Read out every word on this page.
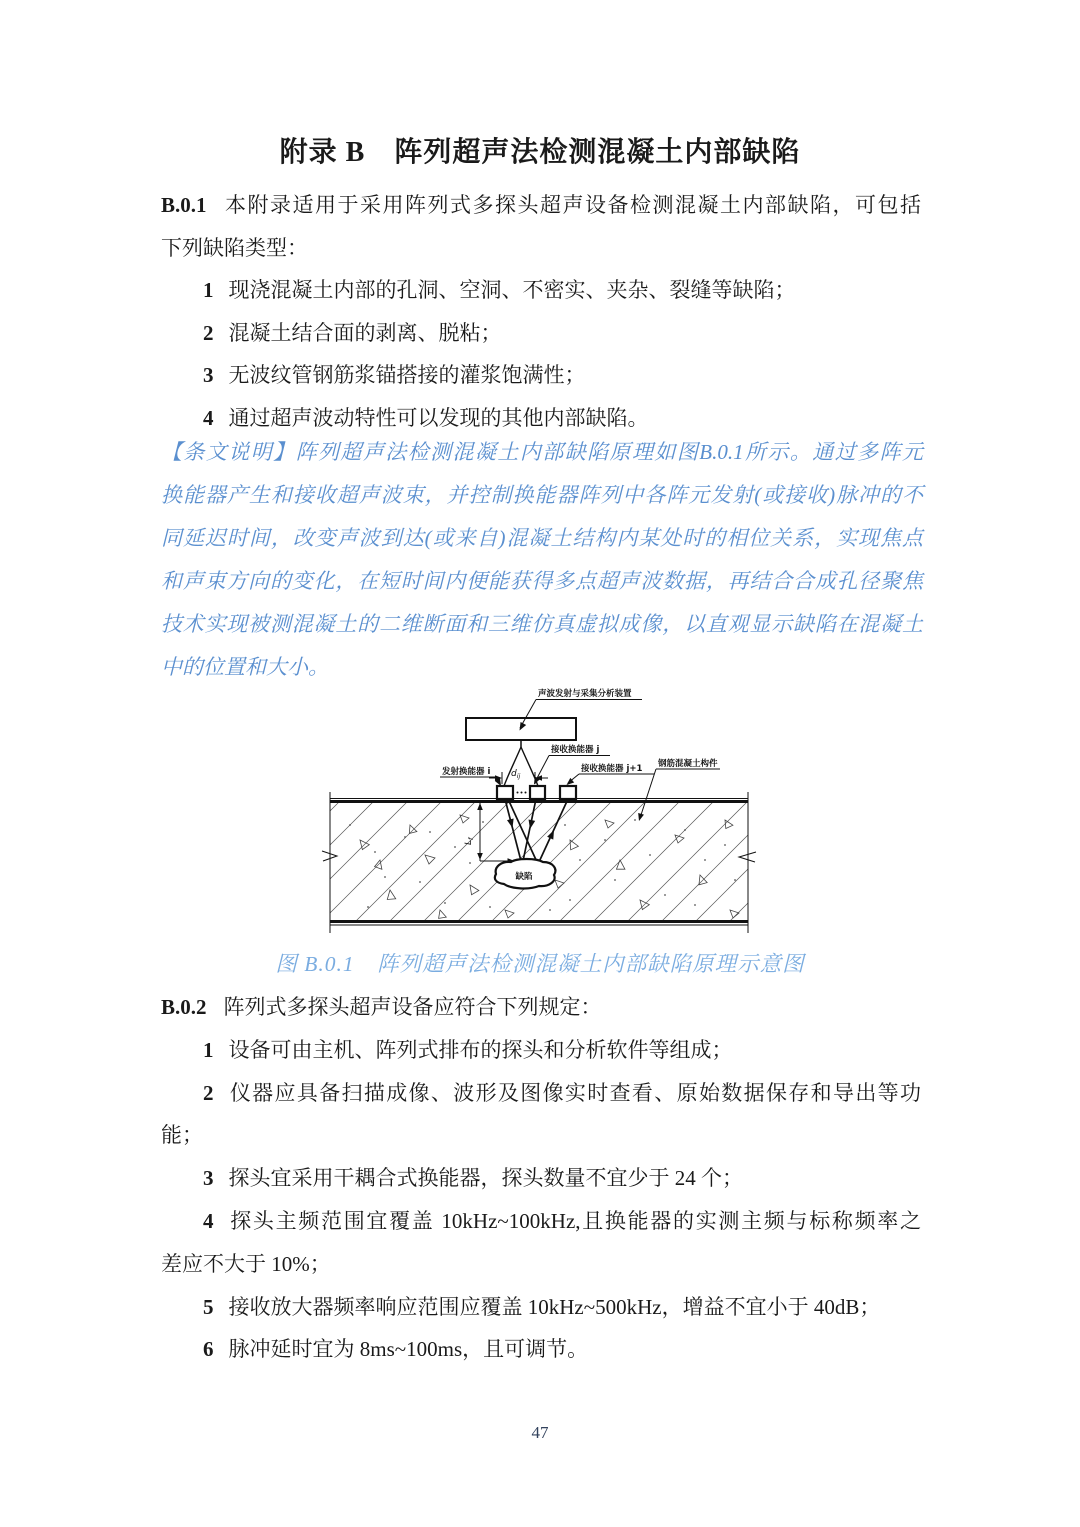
附录 B　阵列超声法检测混凝土内部缺陷
B.0.1 本附录适用于采用阵列式多探头超声设备检测混凝土内部缺陷，可包括
下列缺陷类型：
1 现浇混凝土内部的孔洞、空洞、不密实、夹杂、裂缝等缺陷；
2 混凝土结合面的剥离、脱粘；
3 无波纹管钢筋浆锚搭接的灌浆饱满性；
4 通过超声波动特性可以发现的其他内部缺陷。
【条文说明】阵列超声法检测混凝土内部缺陷原理如图B.0.1所示。通过多阵元
换能器产生和接收超声波束，并控制换能器阵列中各阵元发射(或接收)脉冲的不
同延迟时间，改变声波到达(或来自)混凝土结构内某处时的相位关系，实现焦点
和声束方向的变化，在短时间内便能获得多点超声波数据，再结合合成孔径聚焦
技术实现被测混凝土的二维断面和三维仿真虚拟成像，以直观显示缺陷在混凝土
中的位置和大小。
声波发射与采集分析装置
发射换能器 i
接收换能器 j
接收换能器 j+1 钢筋混凝土构件
$d_{ij}$
$L_f$
缺陷
图 B.0.1　阵列超声法检测混凝土内部缺陷原理示意图
B.0.2 阵列式多探头超声设备应符合下列规定：
1 设备可由主机、阵列式排布的探头和分析软件等组成；
2 仪器应具备扫描成像、波形及图像实时查看、原始数据保存和导出等功
能；
3 探头宜采用干耦合式换能器，探头数量不宜少于 24 个；
4 探头主频范围宜覆盖 10kHz~100kHz,且换能器的实测主频与标称频率之
差应不大于 10%；
5 接收放大器频率响应范围应覆盖 10kHz~500kHz，增益不宜小于 40dB；
6 脉冲延时宜为 8ms~100ms，且可调节。
47
